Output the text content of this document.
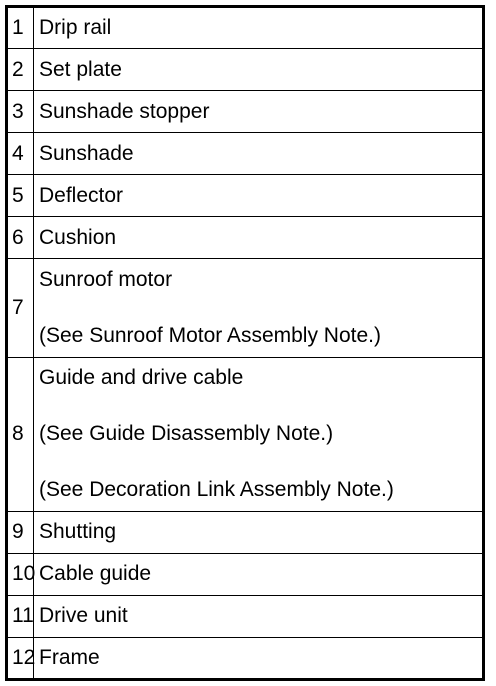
1	Drip rail

2	Set plate

3	Sunshade stopper

4	Sunshade

5	Deflector

6	Cushion

7	Sunroof motor
(See Sunroof Motor Assembly Note.)

8	Guide and drive cable
(See Guide Disassembly Note.)
(See Decoration Link Assembly Note.)

9	Shutting

10	Cable guide

11	Drive unit

12	Frame
